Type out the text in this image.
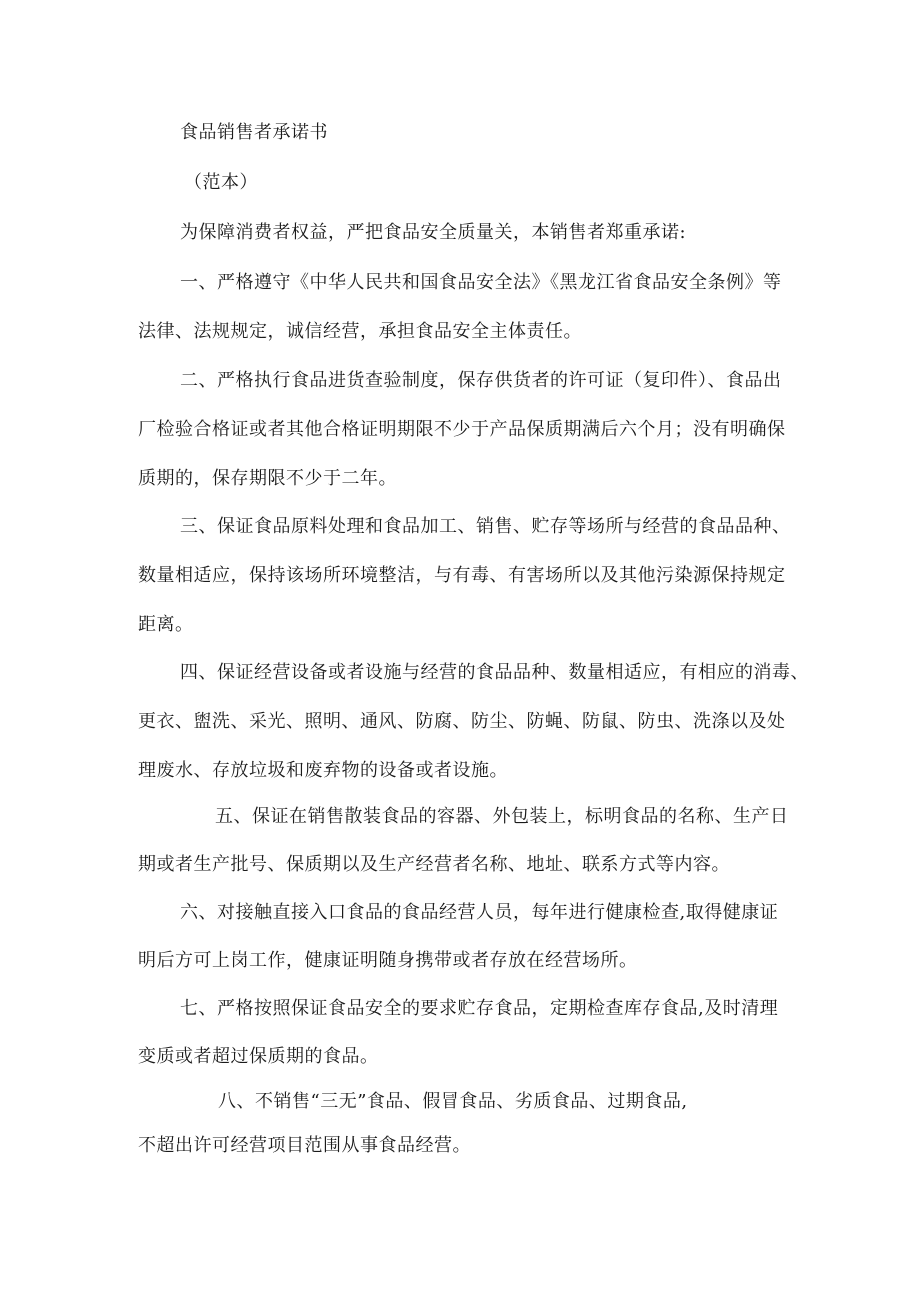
食品销售者承诺书
（范本）
为保障消费者权益，严把食品安全质量关，本销售者郑重承诺:
一、严格遵守《中华人民共和国食品安全法》《黑龙江省食品安全条例》等
法律、法规规定，诚信经营，承担食品安全主体责任。
二、严格执行食品进货查验制度，保存供货者的许可证（复印件）、食品出
厂检验合格证或者其他合格证明期限不少于产品保质期满后六个月；没有明确保
质期的，保存期限不少于二年。
三、保证食品原料处理和食品加工、销售、贮存等场所与经营的食品品种、
数量相适应，保持该场所环境整洁，与有毒、有害场所以及其他污染源保持规定
距离。
四、保证经营设备或者设施与经营的食品品种、数量相适应，有相应的消毒、
更衣、盥洗、采光、照明、通风、防腐、防尘、防蝇、防鼠、防虫、洗涤以及处
理废水、存放垃圾和废弃物的设备或者设施。
五、保证在销售散装食品的容器、外包装上，标明食品的名称、生产日
期或者生产批号、保质期以及生产经营者名称、地址、联系方式等内容。
六、对接触直接入口食品的食品经营人员，每年进行健康检查,取得健康证
明后方可上岗工作，健康证明随身携带或者存放在经营场所。
七、严格按照保证食品安全的要求贮存食品，定期检查库存食品,及时清理
变质或者超过保质期的食品。
八、不销售“三无”食品、假冒食品、劣质食品、过期食品,
不超出许可经营项目范围从事食品经营。
